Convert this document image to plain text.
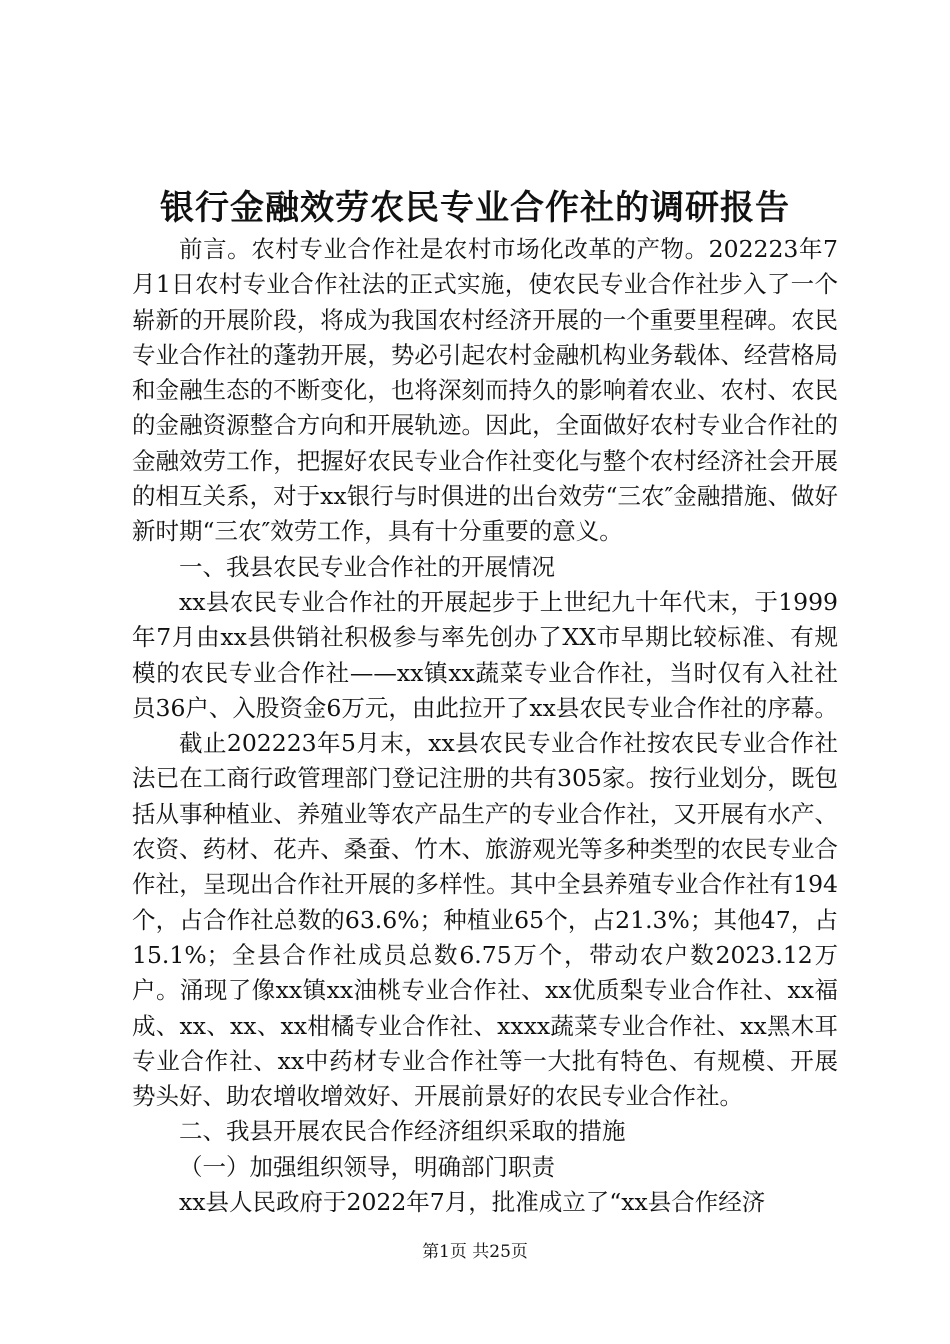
银行金融效劳农民专业合作社的调研报告

前言。农村专业合作社是农村市场化改革的产物。202223年7月1日农村专业合作社法的正式实施，使农民专业合作社步入了一个崭新的开展阶段，将成为我国农村经济开展的一个重要里程碑。农民专业合作社的蓬勃开展，势必引起农村金融机构业务载体、经营格局和金融生态的不断变化，也将深刻而持久的影响着农业、农村、农民的金融资源整合方向和开展轨迹。因此，全面做好农村专业合作社的金融效劳工作，把握好农民专业合作社变化与整个农村经济社会开展的相互关系，对于xx银行与时俱进的出台效劳“三农″金融措施、做好新时期“三农″效劳工作，具有十分重要的意义。

一、我县农民专业合作社的开展情况

xx县农民专业合作社的开展起步于上世纪九十年代末，于1999年7月由xx县供销社积极参与率先创办了XX市早期比较标准、有规模的农民专业合作社——xx镇xx蔬菜专业合作社，当时仅有入社社员36户、入股资金6万元，由此拉开了xx县农民专业合作社的序幕。

截止202223年5月末，xx县农民专业合作社按农民专业合作社法已在工商行政管理部门登记注册的共有305家。按行业划分，既包括从事种植业、养殖业等农产品生产的专业合作社，又开展有水产、农资、药材、花卉、桑蚕、竹木、旅游观光等多种类型的农民专业合作社，呈现出合作社开展的多样性。其中全县养殖专业合作社有194个，占合作社总数的63.6%；种植业65个，占21.3%；其他47，占15.1%；全县合作社成员总数6.75万个，带动农户数2023.12万户。涌现了像xx镇xx油桃专业合作社、xx优质梨专业合作社、xx福成、xx、xx、xx柑橘专业合作社、xxxx蔬菜专业合作社、xx黑木耳专业合作社、xx中药材专业合作社等一大批有特色、有规模、开展势头好、助农增收增效好、开展前景好的农民专业合作社。

二、我县开展农民合作经济组织采取的措施

（一）加强组织领导，明确部门职责

xx县人民政府于2022年7月，批准成立了“xx县合作经济

第1页 共25页
